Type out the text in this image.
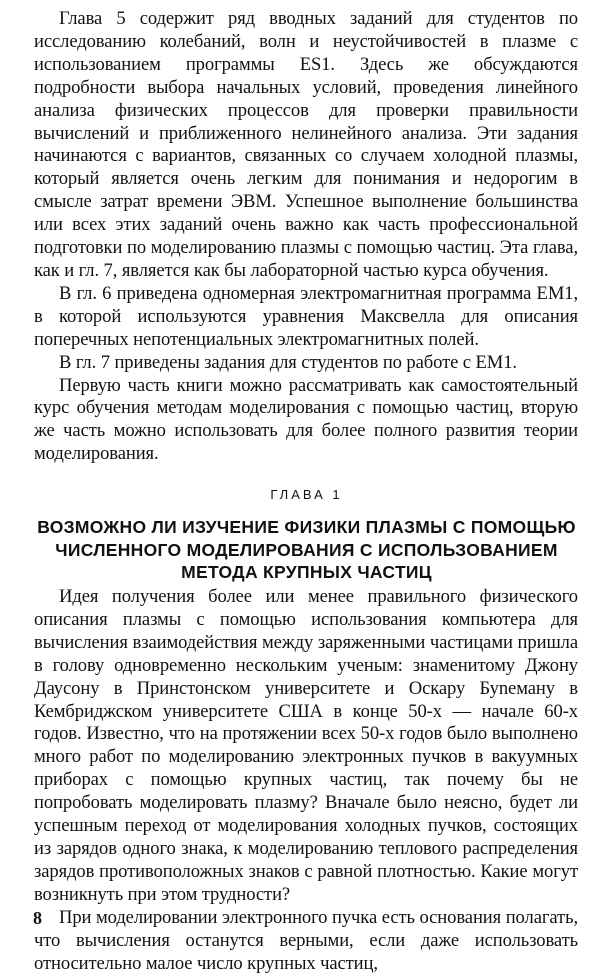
Глава 5 содержит ряд вводных заданий для студентов по исследованию колебаний, волн и неустойчивостей в плазме с использованием программы ES1. Здесь же обсуждаются подробности выбора начальных условий, проведения линейного анализа физических процессов для проверки правильности вычислений и приближенного нелинейного анализа. Эти задания начинаются с вариантов, связанных со случаем холодной плазмы, который является очень легким для понимания и недорогим в смысле затрат времени ЭВМ. Успешное выполнение большинства или всех этих заданий очень важно как часть профессиональной подготовки по моделированию плазмы с помощью частиц. Эта глава, как и гл. 7, является как бы лабораторной частью курса обучения.

В гл. 6 приведена одномерная электромагнитная программа EM1, в которой используются уравнения Максвелла для описания поперечных непотенциальных электромагнитных полей.

В гл. 7 приведены задания для студентов по работе с EM1.

Первую часть книги можно рассматривать как самостоятельный курс обучения методам моделирования с помощью частиц, вторую же часть можно использовать для более полного развития теории моделирования.

ГЛАВА 1

ВОЗМОЖНО ЛИ ИЗУЧЕНИЕ ФИЗИКИ ПЛАЗМЫ С ПОМОЩЬЮ ЧИСЛЕННОГО МОДЕЛИРОВАНИЯ С ИСПОЛЬЗОВАНИЕМ МЕТОДА КРУПНЫХ ЧАСТИЦ

Идея получения более или менее правильного физического описания плазмы с помощью использования компьютера для вычисления взаимодействия между заряженными частицами пришла в голову одновременно нескольким ученым: знаменитому Джону Даусону в Принстонском университете и Оскару Буneману в Кембриджском университете США в конце 50-х — начале 60-х годов. Известно, что на протяжении всех 50-х годов было выполнено много работ по моделированию электронных пучков в вакуумных приборах с помощью крупных частиц, так почему бы не попробовать моделировать плазму? Вначале было неясно, будет ли успешным переход от моделирования холодных пучков, состоящих из зарядов одного знака, к моделированию теплового распределения зарядов противоположных знаков с равной плотностью. Какие могут возникнуть при этом трудности?

При моделировании электронного пучка есть основания полагать, что вычисления останутся верными, если даже использовать относительно малое число крупных частиц,

8
